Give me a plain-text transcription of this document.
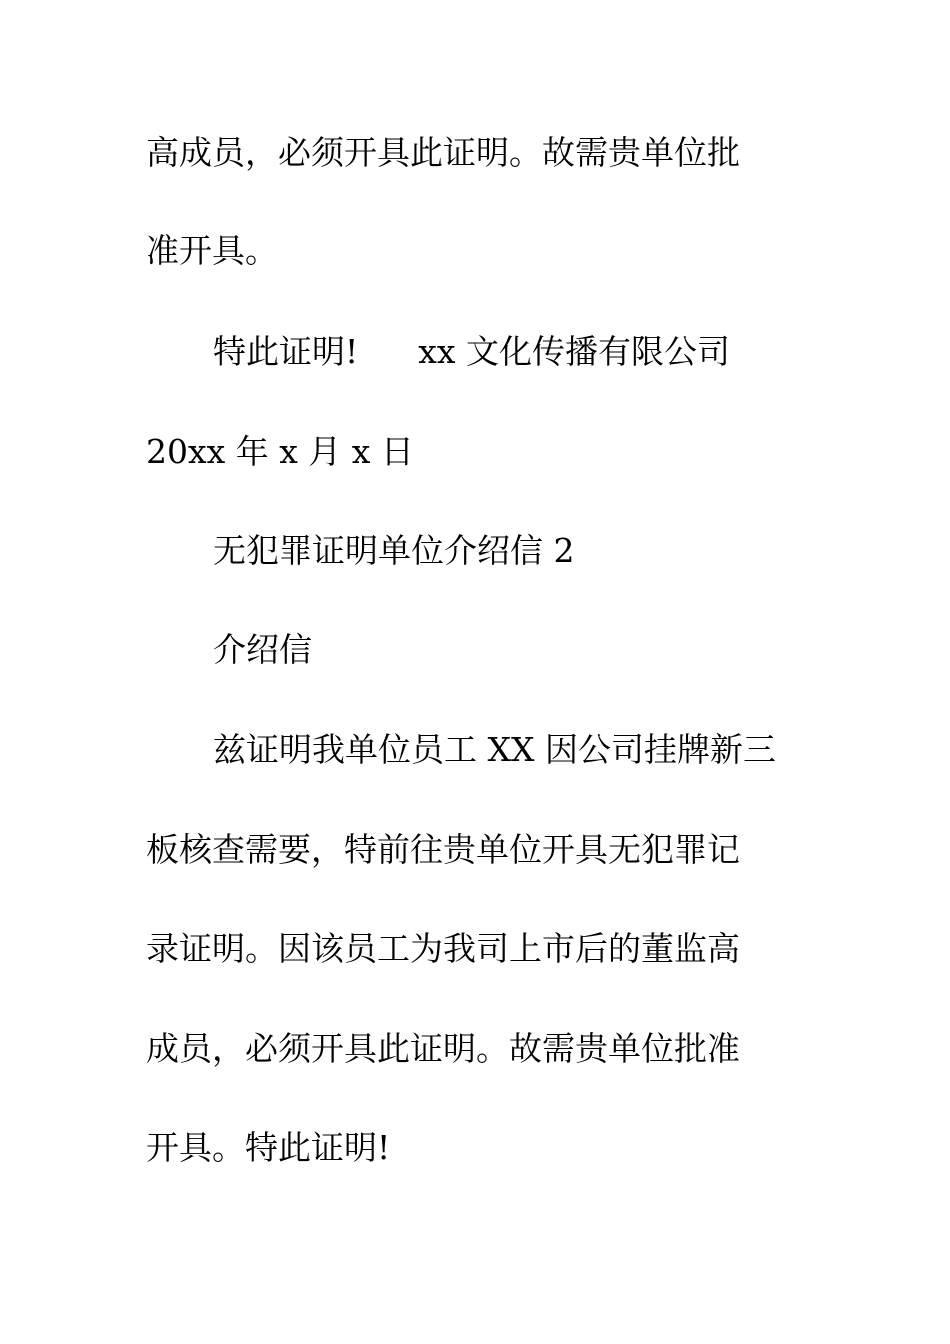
高成员，必须开具此证明。故需贵单位批
准开具。
特此证明! xx 文化传播有限公司
20xx 年 x 月 x 日
无犯罪证明单位介绍信 2
介绍信
兹证明我单位员工 XX 因公司挂牌新三
板核查需要，特前往贵单位开具无犯罪记
录证明。因该员工为我司上市后的董监高
成员，必须开具此证明。故需贵单位批准
开具。特此证明!
